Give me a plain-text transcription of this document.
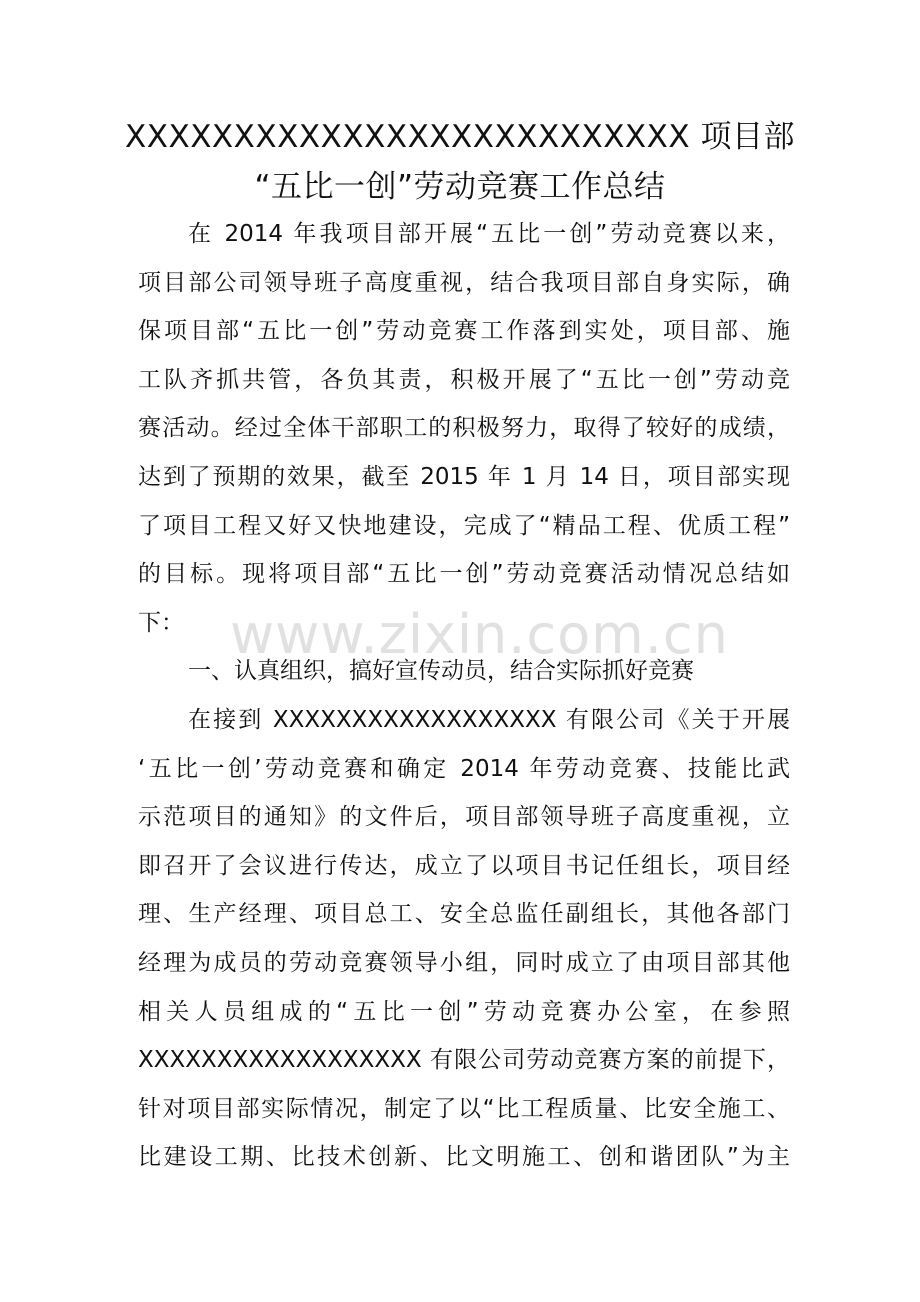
XXXXXXXXXXXXXXXXXXXXXXXXXX 项目部
“五比一创”劳动竞赛工作总结
在 2014 年我项目部开展“五比一创”劳动竞赛以来，
项目部公司领导班子高度重视，结合我项目部自身实际，确
保项目部“五比一创”劳动竞赛工作落到实处，项目部、施
工队齐抓共管，各负其责，积极开展了“五比一创”劳动竞
赛活动。经过全体干部职工的积极努力，取得了较好的成绩，
达到了预期的效果，截至 2015 年 1 月 14 日，项目部实现
了项目工程又好又快地建设，完成了“精品工程、优质工程”
的目标。现将项目部“五比一创”劳动竞赛活动情况总结如
下：
一、认真组织，搞好宣传动员，结合实际抓好竞赛
在接到 XXXXXXXXXXXXXXXXXX 有限公司《关于开展
‘五比一创’劳动竞赛和确定 2014 年劳动竞赛、技能比武
示范项目的通知》的文件后，项目部领导班子高度重视，立
即召开了会议进行传达，成立了以项目书记任组长，项目经
理、生产经理、项目总工、安全总监任副组长，其他各部门
经理为成员的劳动竞赛领导小组，同时成立了由项目部其他
相关人员组成的“五比一创”劳动竞赛办公室，在参照
XXXXXXXXXXXXXXXXXX 有限公司劳动竞赛方案的前提下，
针对项目部实际情况，制定了以“比工程质量、比安全施工、
比建设工期、比技术创新、比文明施工、创和谐团队”为主
www.zixin.com.cn
